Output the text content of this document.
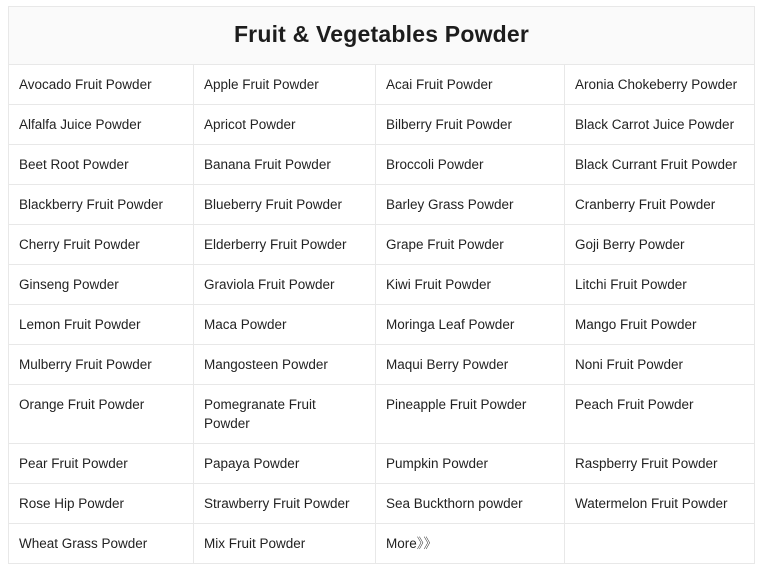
Fruit & Vegetables Powder			

Avocado Fruit Powder	Apple Fruit Powder	Acai Fruit Powder	Aronia Chokeberry Powder

Alfalfa Juice Powder	Apricot Powder	Bilberry Fruit Powder	Black Carrot Juice Powder

Beet Root Powder	Banana Fruit Powder	Broccoli Powder	Black Currant Fruit Powder

Blackberry Fruit Powder	Blueberry Fruit Powder	Barley Grass Powder	Cranberry Fruit Powder

Cherry Fruit Powder	Elderberry Fruit Powder	Grape Fruit Powder	Goji Berry Powder

Ginseng Powder	Graviola Fruit Powder	Kiwi Fruit Powder	Litchi Fruit Powder

Lemon Fruit Powder	Maca Powder	Moringa Leaf Powder	Mango Fruit Powder

Mulberry Fruit Powder	Mangosteen Powder	Maqui Berry Powder	Noni Fruit Powder

Orange Fruit Powder	Pomegranate Fruit Powder	Pineapple Fruit Powder	Peach Fruit Powder

Pear Fruit Powder	Papaya Powder	Pumpkin Powder	Raspberry Fruit Powder

Rose Hip Powder	Strawberry Fruit Powder	Sea Buckthorn powder	Watermelon Fruit Powder

Wheat Grass Powder	Mix Fruit Powder	More》》	
